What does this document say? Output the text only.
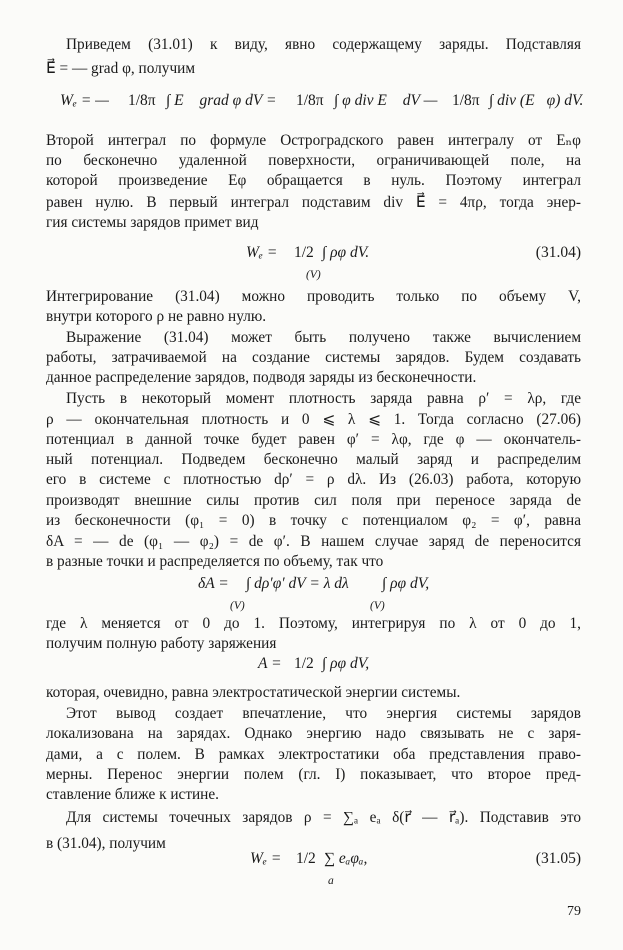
Приведем (31.01) к виду, явно содержащему заряды. Подставляя
E⃗ = — grad φ, получим
Wₑ = — 1/8π ∫ E⃗ grad φ dV = 1/8π ∫ φ div E⃗ dV — 1/8π ∫ div (E⃗φ) dV.
Второй интеграл по формуле Остроградского равен интегралу от Eₙφ
по бесконечно удаленной поверхности, ограничивающей поле, на
которой произведение Eφ обращается в нуль. Поэтому интеграл
равен нулю. В первый интеграл подставим div E⃗ = 4πρ, тогда энер-
гия системы зарядов примет вид
Wₑ = 1/2 ∫ ρφ dV.
(V)
(31.04)
Интегрирование (31.04) можно проводить только по объему V,
внутри которого ρ не равно нулю.
Выражение (31.04) может быть получено также вычислением
работы, затрачиваемой на создание системы зарядов. Будем создавать
данное распределение зарядов, подводя заряды из бесконечности.
Пусть в некоторый момент плотность заряда равна ρ′ = λρ, где
ρ — окончательная плотность и 0 ⩽ λ ⩽ 1. Тогда согласно (27.06)
потенциал в данной точке будет равен φ′ = λφ, где φ — окончатель-
ный потенциал. Подведем бесконечно малый заряд и распределим
его в системе с плотностью dρ′ = ρ dλ. Из (26.03) работа, которую
производят внешние силы против сил поля при переносе заряда de
из бесконечности (φ₁ = 0) в точку с потенциалом φ₂ = φ′, равна
δA = — de (φ₁ — φ₂) = de φ′. В нашем случае заряд de переносится
в разные точки и распределяется по объему, так что
δA = ∫ dρ′φ′ dV = λ dλ ∫ ρφ dV,
(V)	(V)
где λ меняется от 0 до 1. Поэтому, интегрируя по λ от 0 до 1,
получим полную работу заряжения
A = 1/2 ∫ ρφ dV,
которая, очевидно, равна электростатической энергии системы.
Этот вывод создает впечатление, что энергия системы зарядов
локализована на зарядах. Однако энергию надо связывать не с заря-
дами, а с полем. В рамках электростатики оба представления право-
мерны. Перенос энергии полем (гл. I) показывает, что второе пред-
ставление ближе к истине.
Для системы точечных зарядов ρ = ∑ₐ eₐ δ(r⃗ — r⃗ₐ). Подставив это
в (31.04), получим
Wₑ = 1/2 ∑ eₐφₐ,
a
(31.05)
79
